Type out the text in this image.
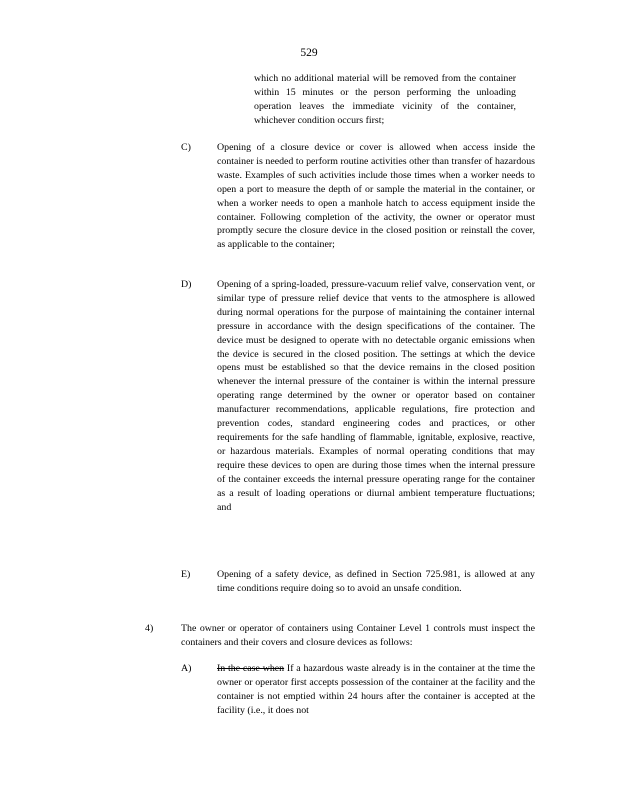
529

which no additional material will be removed from the container within 15 minutes or the person performing the unloading operation leaves the immediate vicinity of the container, whichever condition occurs first;

C)	Opening of a closure device or cover is allowed when access inside the container is needed to perform routine activities other than transfer of hazardous waste. Examples of such activities include those times when a worker needs to open a port to measure the depth of or sample the material in the container, or when a worker needs to open a manhole hatch to access equipment inside the container. Following completion of the activity, the owner or operator must promptly secure the closure device in the closed position or reinstall the cover, as applicable to the container;

D)	Opening of a spring-loaded, pressure-vacuum relief valve, conservation vent, or similar type of pressure relief device that vents to the atmosphere is allowed during normal operations for the purpose of maintaining the container internal pressure in accordance with the design specifications of the container. The device must be designed to operate with no detectable organic emissions when the device is secured in the closed position. The settings at which the device opens must be established so that the device remains in the closed position whenever the internal pressure of the container is within the internal pressure operating range determined by the owner or operator based on container manufacturer recommendations, applicable regulations, fire protection and prevention codes, standard engineering codes and practices, or other requirements for the safe handling of flammable, ignitable, explosive, reactive, or hazardous materials. Examples of normal operating conditions that may require these devices to open are during those times when the internal pressure of the container exceeds the internal pressure operating range for the container as a result of loading operations or diurnal ambient temperature fluctuations; and

E)	Opening of a safety device, as defined in Section 725.981, is allowed at any time conditions require doing so to avoid an unsafe condition.

4)	The owner or operator of containers using Container Level 1 controls must inspect the containers and their covers and closure devices as follows:

A)	In the case when If a hazardous waste already is in the container at the time the owner or operator first accepts possession of the container at the facility and the container is not emptied within 24 hours after the container is accepted at the facility (i.e., it does not
